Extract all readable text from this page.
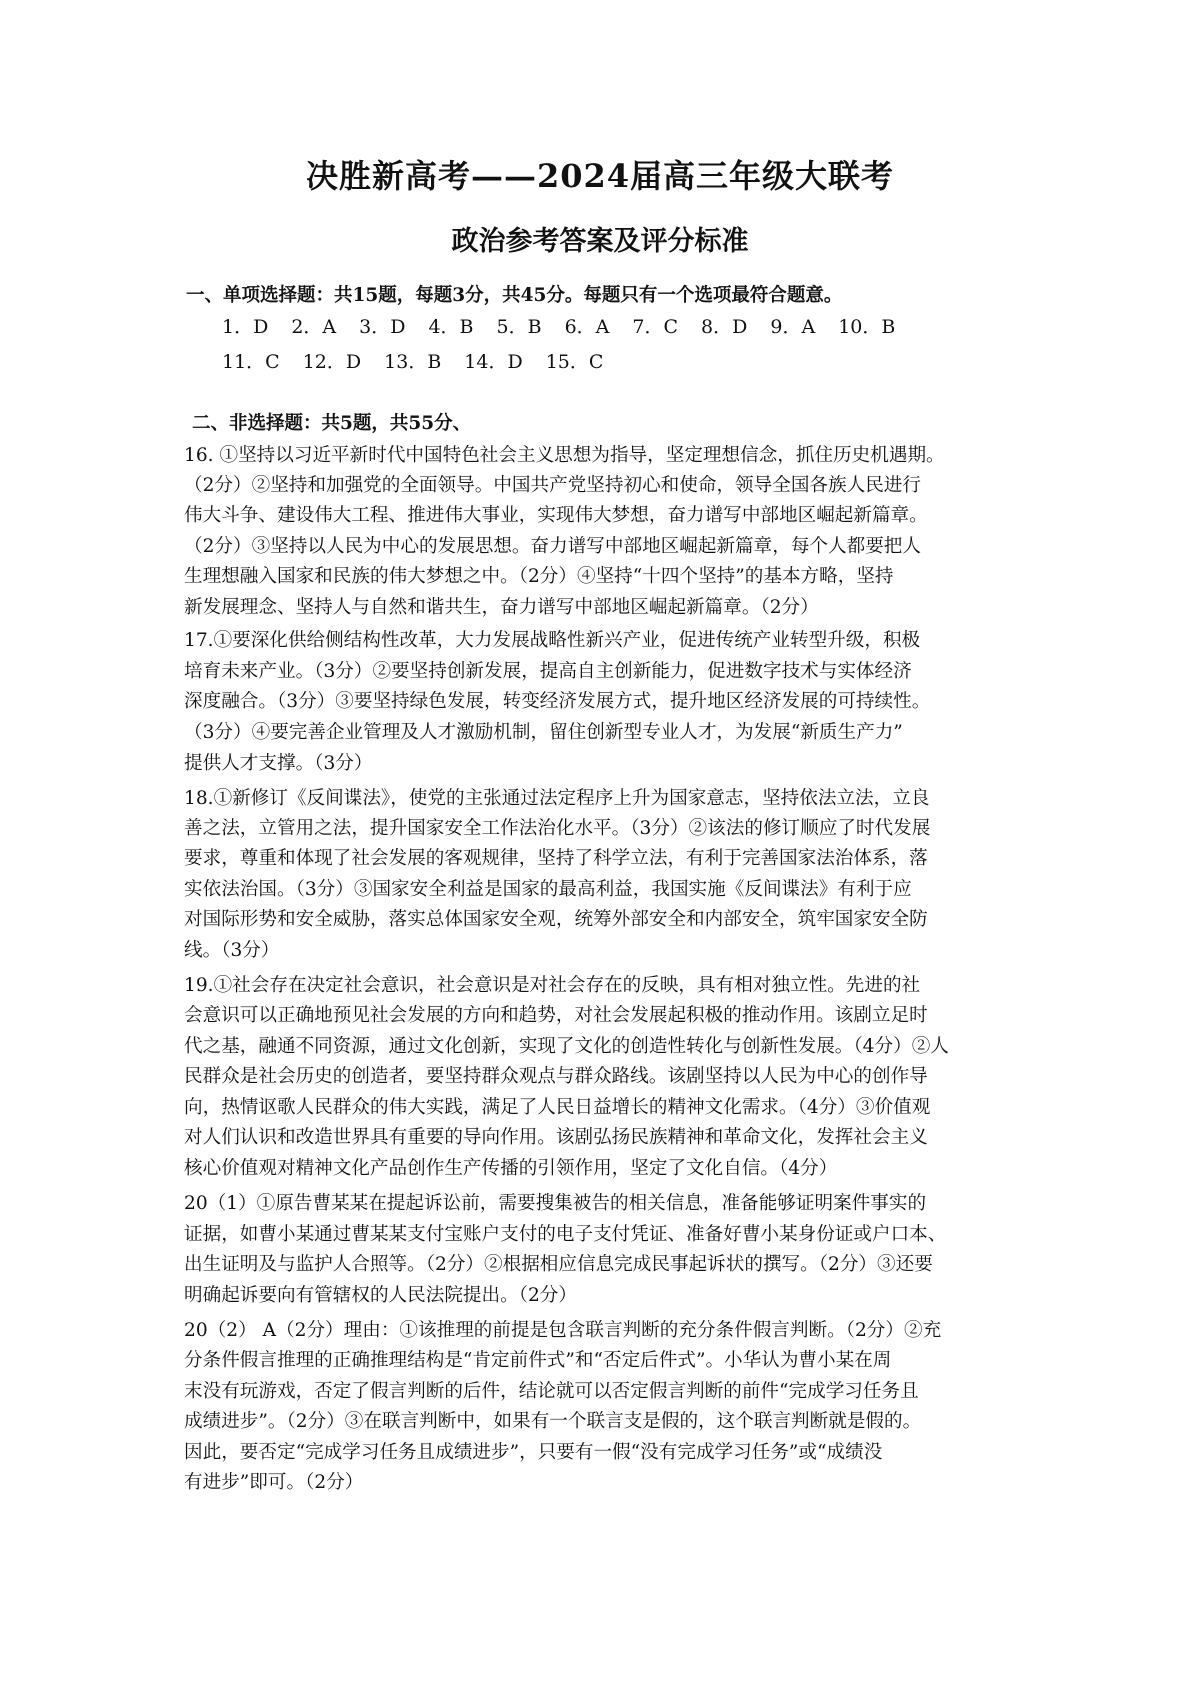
决胜新高考——2024届高三年级大联考
政治参考答案及评分标准
一、单项选择题：共15题，每题3分，共45分。每题只有一个选项最符合题意。
1．D 2．A 3．D 4．B 5．B 6．A 7．C 8．D 9．A 10．B
11．C 12．D 13．B 14．D 15．C
二、非选择题：共5题，共55分、
16. ①坚持以习近平新时代中国特色社会主义思想为指导，坚定理想信念，抓住历史机遇期。
（2分）②坚持和加强党的全面领导。中国共产党坚持初心和使命，领导全国各族人民进行
伟大斗争、建设伟大工程、推进伟大事业，实现伟大梦想，奋力谱写中部地区崛起新篇章。
（2分）③坚持以人民为中心的发展思想。奋力谱写中部地区崛起新篇章，每个人都要把人
生理想融入国家和民族的伟大梦想之中。（2分）④坚持“十四个坚持”的基本方略，坚持
新发展理念、坚持人与自然和谐共生，奋力谱写中部地区崛起新篇章。（2分）
17.①要深化供给侧结构性改革，大力发展战略性新兴产业，促进传统产业转型升级，积极
培育未来产业。（3分）②要坚持创新发展，提高自主创新能力，促进数字技术与实体经济
深度融合。（3分）③要坚持绿色发展，转变经济发展方式，提升地区经济发展的可持续性。
（3分）④要完善企业管理及人才激励机制，留住创新型专业人才，为发展“新质生产力”
提供人才支撑。（3分）
18.①新修订《反间谍法》，使党的主张通过法定程序上升为国家意志，坚持依法立法，立良
善之法，立管用之法，提升国家安全工作法治化水平。（3分）②该法的修订顺应了时代发展
要求，尊重和体现了社会发展的客观规律，坚持了科学立法，有利于完善国家法治体系，落
实依法治国。（3分）③国家安全利益是国家的最高利益，我国实施《反间谍法》有利于应
对国际形势和安全威胁，落实总体国家安全观，统筹外部安全和内部安全，筑牢国家安全防
线。（3分）
19.①社会存在决定社会意识，社会意识是对社会存在的反映，具有相对独立性。先进的社
会意识可以正确地预见社会发展的方向和趋势，对社会发展起积极的推动作用。该剧立足时
代之基，融通不同资源，通过文化创新，实现了文化的创造性转化与创新性发展。（4分）②人
民群众是社会历史的创造者，要坚持群众观点与群众路线。该剧坚持以人民为中心的创作导
向，热情讴歌人民群众的伟大实践，满足了人民日益增长的精神文化需求。（4分）③价值观
对人们认识和改造世界具有重要的导向作用。该剧弘扬民族精神和革命文化，发挥社会主义
核心价值观对精神文化产品创作生产传播的引领作用，坚定了文化自信。（4分）
20（1）①原告曹某某在提起诉讼前，需要搜集被告的相关信息，准备能够证明案件事实的
证据，如曹小某通过曹某某支付宝账户支付的电子支付凭证、准备好曹小某身份证或户口本、
出生证明及与监护人合照等。（2分）②根据相应信息完成民事起诉状的撰写。（2分）③还要
明确起诉要向有管辖权的人民法院提出。（2分）
20（2） A（2分）理由：①该推理的前提是包含联言判断的充分条件假言判断。（2分）②充
分条件假言推理的正确推理结构是“肯定前件式”和“否定后件式”。小华认为曹小某在周
末没有玩游戏，否定了假言判断的后件，结论就可以否定假言判断的前件“完成学习任务且
成绩进步”。（2分）③在联言判断中，如果有一个联言支是假的，这个联言判断就是假的。
因此，要否定“完成学习任务且成绩进步”，只要有一假“没有完成学习任务”或“成绩没
有进步”即可。（2分）
